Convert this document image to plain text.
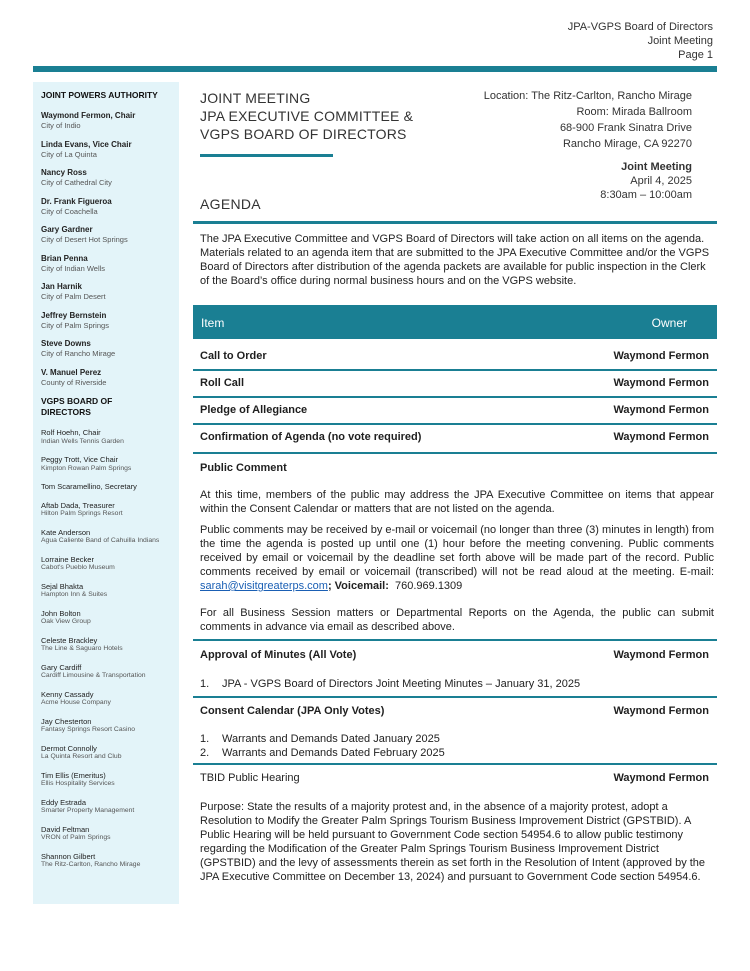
JPA-VGPS Board of Directors
Joint Meeting
Page 1
JOINT POWERS AUTHORITY
Waymond Fermon, Chair
City of Indio
Linda Evans, Vice Chair
City of La Quinta
Nancy Ross
City of Cathedral City
Dr. Frank Figueroa
City of Coachella
Gary Gardner
City of Desert Hot Springs
Brian Penna
City of Indian Wells
Jan Harnik
City of Palm Desert
Jeffrey Bernstein
City of Palm Springs
Steve Downs
City of Rancho Mirage
V. Manuel Perez
County of Riverside
VGPS BOARD OF
DIRECTORS
Rolf Hoehn, Chair
Indian Wells Tennis Garden
Peggy Trott, Vice Chair
Kimpton Rowan Palm Springs
Tom Scaramellino, Secretary
Aftab Dada, Treasurer
Hilton Palm Springs Resort
Kate Anderson
Agua Caliente Band of Cahuilla Indians
Lorraine Becker
Cabot's Pueblo Museum
Sejal Bhakta
Hampton Inn & Suites
John Bolton
Oak View Group
Celeste Brackley
The Line & Saguaro Hotels
Gary Cardiff
Cardiff Limousine & Transportation
Kenny Cassady
Acme House Company
Jay Chesterton
Fantasy Springs Resort Casino
Dermot Connolly
La Quinta Resort and Club
Tim Ellis (Emeritus)
Ellis Hospitality Services
Eddy Estrada
Smarter Property Management
David Feltman
VRON of Palm Springs
Shannon Gilbert
The Ritz-Carlton, Rancho Mirage
JOINT MEETING
JPA EXECUTIVE COMMITTEE &
VGPS BOARD OF DIRECTORS
Location: The Ritz-Carlton, Rancho Mirage
Room: Mirada Ballroom
68-900 Frank Sinatra Drive
Rancho Mirage, CA 92270
Joint Meeting
April 4, 2025
8:30am – 10:00am
AGENDA
The JPA Executive Committee and VGPS Board of Directors will take action on all items on the agenda. Materials related to an agenda item that are submitted to the JPA Executive Committee and/or the VGPS Board of Directors after distribution of the agenda packets are available for public inspection in the Clerk of the Board’s office during normal business hours and on the VGPS website.
Item	Owner
Call to Order	Waymond Fermon
Roll Call	Waymond Fermon
Pledge of Allegiance	Waymond Fermon
Confirmation of Agenda (no vote required)	Waymond Fermon
Public Comment
At this time, members of the public may address the JPA Executive Committee on items that appear within the Consent Calendar or matters that are not listed on the agenda.
Public comments may be received by e-mail or voicemail (no longer than three (3) minutes in length) from the time the agenda is posted up until one (1) hour before the meeting convening. Public comments received by email or voicemail by the deadline set forth above will be made part of the record. Public comments received by email or voicemail (transcribed) will not be read aloud at the meeting. E-mail: sarah@visitgreaterps.com; Voicemail: 760.969.1309
For all Business Session matters or Departmental Reports on the Agenda, the public can submit comments in advance via email as described above.
Approval of Minutes (All Vote)	Waymond Fermon
1. JPA - VGPS Board of Directors Joint Meeting Minutes – January 31, 2025
Consent Calendar (JPA Only Votes)	Waymond Fermon
1. Warrants and Demands Dated January 2025
2. Warrants and Demands Dated February 2025
TBID Public Hearing	Waymond Fermon
Purpose: State the results of a majority protest and, in the absence of a majority protest, adopt a Resolution to Modify the Greater Palm Springs Tourism Business Improvement District (GPSTBID). A Public Hearing will be held pursuant to Government Code section 54954.6 to allow public testimony regarding the Modification of the Greater Palm Springs Tourism Business Improvement District (GPSTBID) and the levy of assessments therein as set forth in the Resolution of Intent (approved by the JPA Executive Committee on December 13, 2024) and pursuant to Government Code section 54954.6.
